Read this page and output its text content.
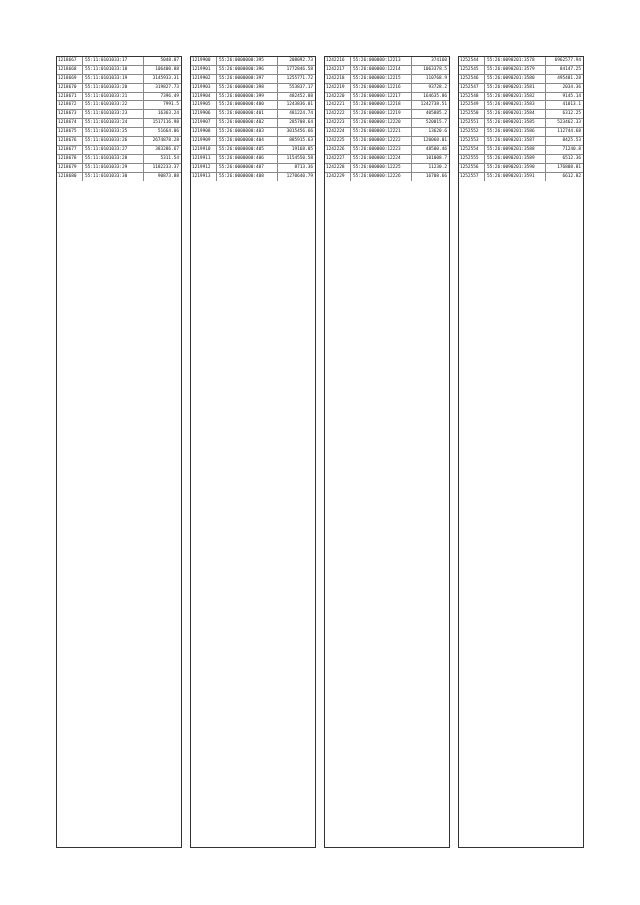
1218667	55:11:0101033:17	5048.07
1218668	55:11:0101033:18	106400.88
1218669	55:11:0101033:19	3145933.31
1218670	55:11:0101033:20	319827.73
1218671	55:11:0101033:21	7396.49
1218672	55:11:0101033:22	7991.5
1218673	55:11:0101033:23	16363.24
1218674	55:11:0101033:24	1517116.98
1218675	55:11:0101033:25	51664.06
1218676	55:11:0101033:26	2674878.28
1218677	55:11:0101033:27	383286.67
1218678	55:11:0101033:28	5311.54
1218679	55:11:0101033:29	1182233.37
1218680	55:11:0101033:30	90873.88
1219900	55:26:0000000:395	208092.73
1219901	55:26:0000000:396	1772846.58
1219902	55:26:0000000:397	1255771.72
1219903	55:26:0000000:398	553837.17
1219904	55:26:0000000:399	482452.88
1219905	55:26:0000000:400	1243836.01
1219906	55:26:0000000:401	481224.74
1219907	55:26:0000000:402	285708.64
1219908	55:26:0000000:403	3015456.66
1219909	55:26:0000000:404	885915.63
1219910	55:26:0000000:405	19168.05
1219911	55:26:0000000:406	1154550.58
1219912	55:26:0000000:407	8713.36
1219913	55:26:0000000:408	1270640.79
1242216	55:26:000000:12213	374160
1242217	55:26:000000:12214	1063378.5
1242218	55:26:000000:12215	110768.9
1242219	55:26:000000:12216	93728.2
1242220	55:26:000000:12217	164635.86
1242221	55:26:000000:12218	1242738.51
1242222	55:26:000000:12219	405885.2
1242223	55:26:000000:12220	520015.7
1242224	55:26:000000:12221	13620.6
1242225	55:26:000000:12222	120060.01
1242226	55:26:000000:12223	48500.46
1242227	55:26:000000:12224	101008.7
1242228	55:26:000000:12225	11230.2
1242229	55:26:000000:12226	16708.66
1252544	55:26:0090201:3578	6962577.94
1252545	55:26:0090201:3579	84147.25
1252546	55:26:0090201:3580	495481.28
1252547	55:26:0090201:3581	2034.36
1252548	55:26:0090201:3582	9145.14
1252549	55:26:0090201:3583	41013.1
1252550	55:26:0090201:3584	6312.25
1252551	55:26:0090201:3585	523462.33
1252552	55:26:0090201:3586	112744.68
1252553	55:26:0090201:3587	8425.53
1252554	55:26:0090201:3588	71240.8
1252555	55:26:0090201:3589	6512.36
1252556	55:26:0090201:3590	176808.81
1252557	55:26:0090201:3591	6612.82
